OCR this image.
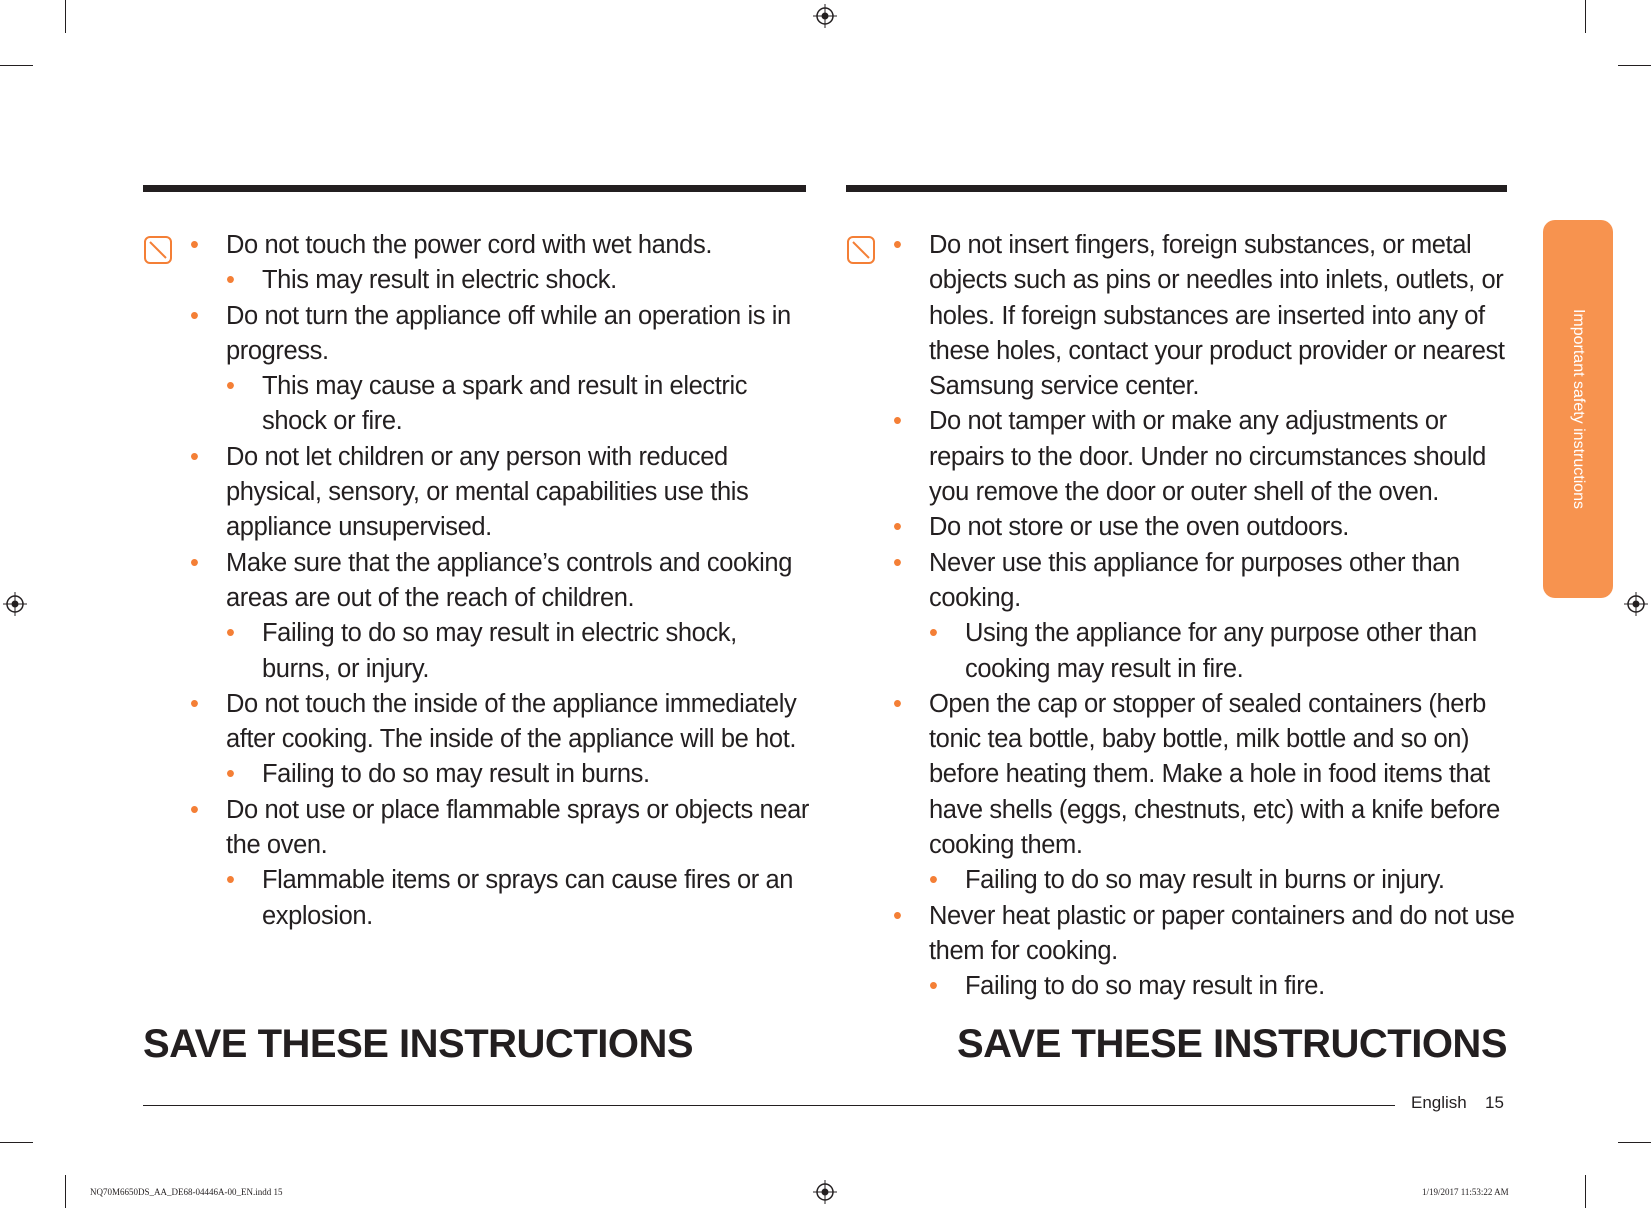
• Do not touch the power cord with wet hands.
• This may result in electric shock.
• Do not turn the appliance off while an operation is in progress.
• This may cause a spark and result in electric shock or fire.
• Do not let children or any person with reduced physical, sensory, or mental capabilities use this appliance unsupervised.
• Make sure that the appliance’s controls and cooking areas are out of the reach of children.
• Failing to do so may result in electric shock, burns, or injury.
• Do not touch the inside of the appliance immediately after cooking. The inside of the appliance will be hot.
• Failing to do so may result in burns.
• Do not use or place flammable sprays or objects near the oven.
• Flammable items or sprays can cause fires or an explosion.
• Do not insert fingers, foreign substances, or metal objects such as pins or needles into inlets, outlets, or holes. If foreign substances are inserted into any of these holes, contact your product provider or nearest Samsung service center.
• Do not tamper with or make any adjustments or repairs to the door. Under no circumstances should you remove the door or outer shell of the oven.
• Do not store or use the oven outdoors.
• Never use this appliance for purposes other than cooking.
• Using the appliance for any purpose other than cooking may result in fire.
• Open the cap or stopper of sealed containers (herb tonic tea bottle, baby bottle, milk bottle and so on) before heating them. Make a hole in food items that have shells (eggs, chestnuts, etc) with a knife before cooking them.
• Failing to do so may result in burns or injury.
• Never heat plastic or paper containers and do not use them for cooking.
• Failing to do so may result in fire.
Important safety instructions
SAVE THESE INSTRUCTIONS	SAVE THESE INSTRUCTIONS
English 15
NQ70M6650DS_AA_DE68-04446A-00_EN.indd 15	1/19/2017 11:53:22 AM
